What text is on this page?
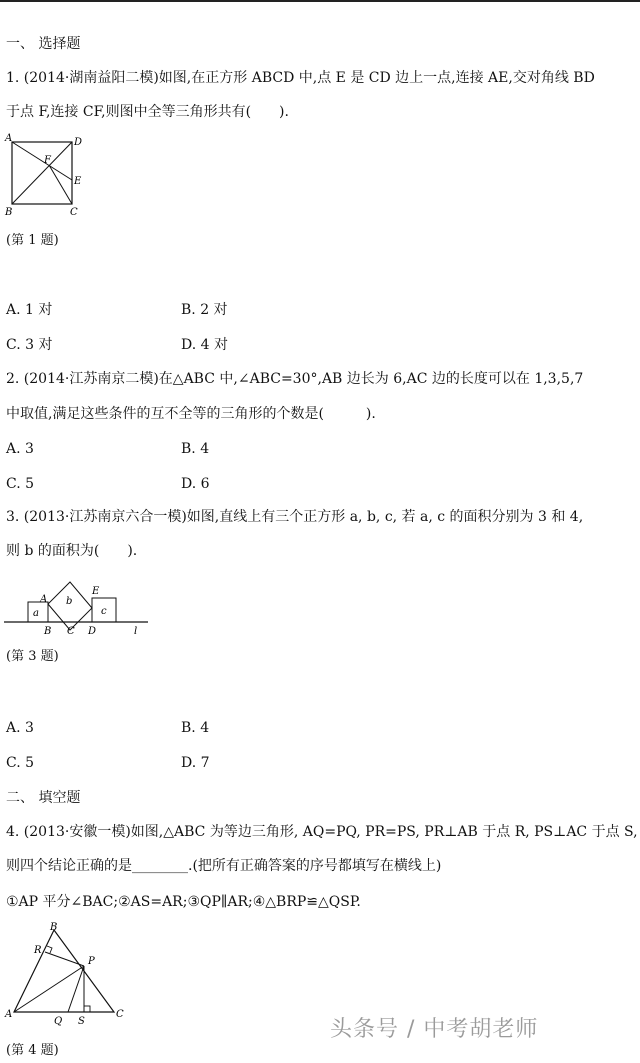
一、 选择题
1. (2014·湖南益阳二模)如图,在正方形 ABCD 中,点 E 是 CD 边上一点,连接 AE,交对角线 BD
于点 F,连接 CF,则图中全等三角形共有(　　).
A	D
B	C
E
F
(第 1 题)
A. 1 对	B. 2 对
C. 3 对	D. 4 对
2. (2014·江苏南京二模)在△ABC 中,∠ABC=30°,AB 边长为 6,AC 边的长度可以在 1,3,5,7
中取值,满足这些条件的互不全等的三角形的个数是(　　　).
A. 3	B. 4
C. 5	D. 6
3. (2013·江苏南京六合一模)如图,直线上有三个正方形 a, b, c, 若 a, c 的面积分别为 3 和 4,
则 b 的面积为(　　).
a
b
c
A
B C D
E
l
(第 3 题)
A. 3	B. 4
C. 5	D. 7
二、 填空题
4. (2013·安徽一模)如图,△ABC 为等边三角形, AQ=PQ, PR=PS, PR⊥AB 于点 R, PS⊥AC 于点 S,
则四个结论正确的是________.(把所有正确答案的序号都填写在横线上)
①AP 平分∠BAC;②AS=AR;③QP∥AR;④△BRP≌△QSP.
B
R
P
A	C
Q S
(第 4 题)
头条号 / 中考胡老师
